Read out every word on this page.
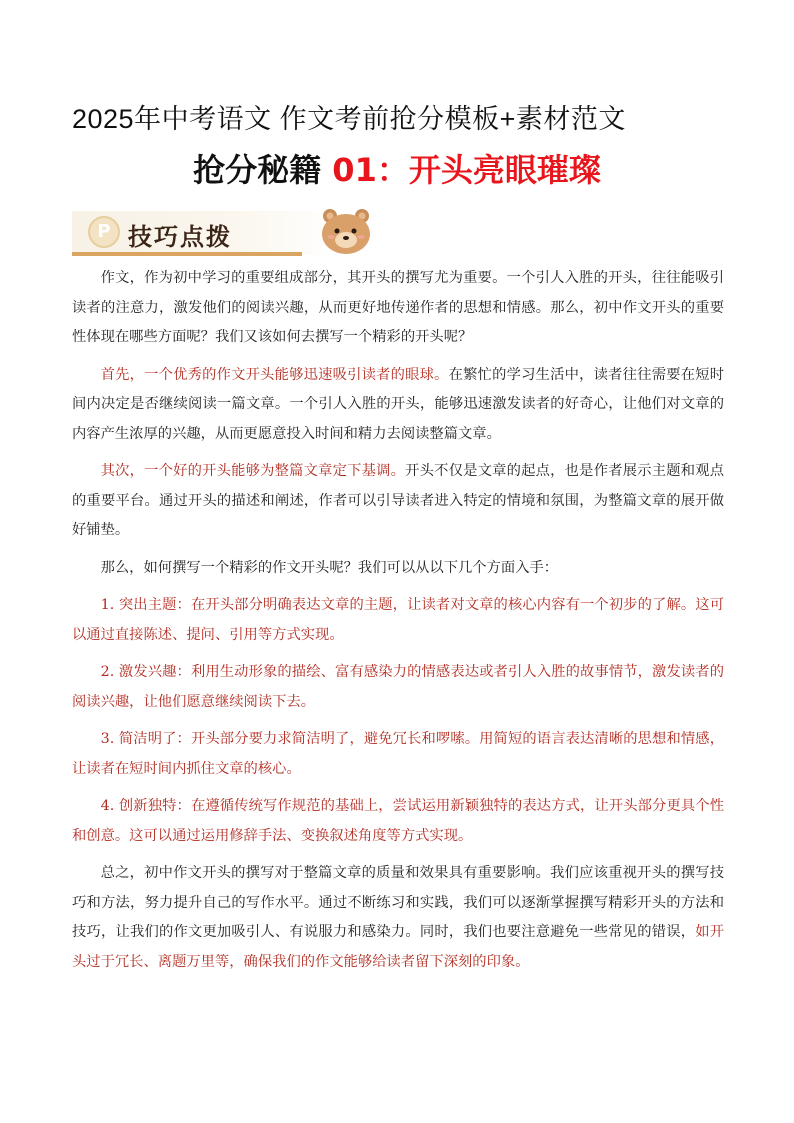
2025年中考语文 作文考前抢分模板+素材范文
抢分秘籍 01：开头亮眼璀璨
P 技巧点拨

作文，作为初中学习的重要组成部分，其开头的撰写尤为重要。一个引人入胜的开头，往往能吸引读者的注意力，激发他们的阅读兴趣，从而更好地传递作者的思想和情感。那么，初中作文开头的重要性体现在哪些方面呢？我们又该如何去撰写一个精彩的开头呢？

首先，一个优秀的作文开头能够迅速吸引读者的眼球。在繁忙的学习生活中，读者往往需要在短时间内决定是否继续阅读一篇文章。一个引人入胜的开头，能够迅速激发读者的好奇心，让他们对文章的内容产生浓厚的兴趣，从而更愿意投入时间和精力去阅读整篇文章。

其次，一个好的开头能够为整篇文章定下基调。开头不仅是文章的起点，也是作者展示主题和观点的重要平台。通过开头的描述和阐述，作者可以引导读者进入特定的情境和氛围，为整篇文章的展开做好铺垫。

那么，如何撰写一个精彩的作文开头呢？我们可以从以下几个方面入手：

1. 突出主题：在开头部分明确表达文章的主题，让读者对文章的核心内容有一个初步的了解。这可以通过直接陈述、提问、引用等方式实现。

2. 激发兴趣：利用生动形象的描绘、富有感染力的情感表达或者引人入胜的故事情节，激发读者的阅读兴趣，让他们愿意继续阅读下去。

3. 简洁明了：开头部分要力求简洁明了，避免冗长和啰嗦。用简短的语言表达清晰的思想和情感，让读者在短时间内抓住文章的核心。

4. 创新独特：在遵循传统写作规范的基础上，尝试运用新颖独特的表达方式，让开头部分更具个性和创意。这可以通过运用修辞手法、变换叙述角度等方式实现。

总之，初中作文开头的撰写对于整篇文章的质量和效果具有重要影响。我们应该重视开头的撰写技巧和方法，努力提升自己的写作水平。通过不断练习和实践，我们可以逐渐掌握撰写精彩开头的方法和技巧，让我们的作文更加吸引人、有说服力和感染力。同时，我们也要注意避免一些常见的错误，如开头过于冗长、离题万里等，确保我们的作文能够给读者留下深刻的印象。
